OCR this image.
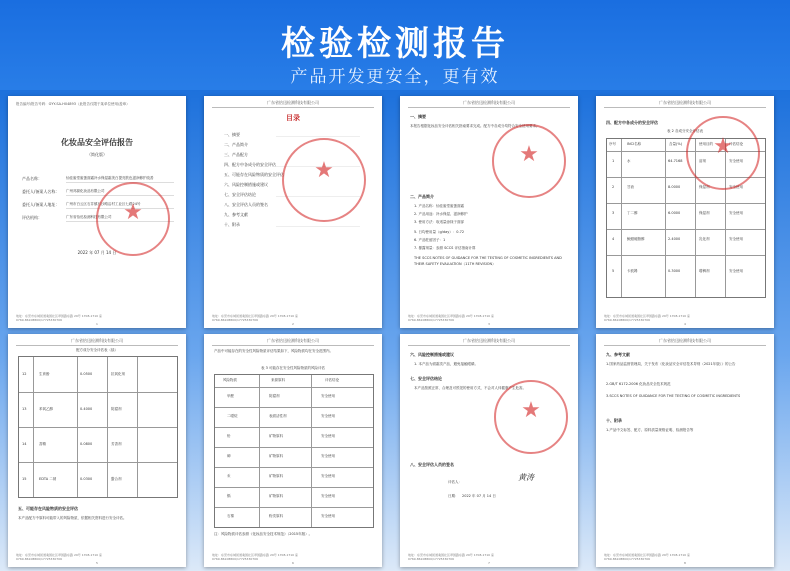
检验检测报告
产品开发更安全，更有效
报告编号/报告号码：GYY-SA-H04893（此报告仅限于某单位使用/盖章）
化妆品安全评估报告
（简化版）
产品名称：	仙佳蜜堂蜜蛋面霜补水保湿霜美白提亮肤色滋润修护改善
委托人/备案人名称： 广州邦源化妆品有限公司
委托人/备案人地址： 广州市白云区石井镇石沙路沿村工业区七路24号
评估机构：	广东省怡迅检测科技有限公司
2022 年 07 月 14 日
★
地址：东莞市东城街道桑园社区翠园路东路 29号 1708-1710 室
0769-86108800/17725330706
1
广东省怡迅检测科技有限公司
目录
一、摘要
二、产品简介
三、产品配方
四、配方中各成分的安全评估
五、可能存在风险物质的安全评估
六、风险控制措施或建议
七、安全评估结论
八、安全评估人员的签名
九、参考文献
十、附录
★
地址：东莞市东城街道桑园社区翠园路东路 29号 1708-1710 室
0769-86108800/17725330706
2
广东省怡迅检测科技有限公司
一、摘要
本报告根据化妆品安全评估相关指南要求完成。配方中各成分均符合安全使用要求。
二、产品简介
1. 产品名称：仙佳蜜堂蜜蛋面霜
2. 产品用途：补水保湿、滋润修护
3. 使用方法：取适量涂抹于面部
5. 日均使用量（g/day）：0.72
6. 产品驻留因子：1
7. 暴露剂量：参照 SCCS 评估指南计算
THE SCCS NOTES OF GUIDANCE FOR THE TESTING OF COSMETIC INGREDIENTS AND THEIR SAFETY EVALUATION（11TH REVISION）
★
地址：东莞市东城街道桑园社区翠园路东路 29号 1708-1710 室
0769-86108800/17725330706
3
广东省怡迅检测科技有限公司
四、配方中各成分的安全评估
表 2 各成分安全评估表
序号	INCI名称	含量(%)	使用目的	评估结论
1	水	64.7168	溶剂	安全使用
2	甘油	8.0000	保湿剂	安全使用
3	丁二醇	6.0000	保湿剂	安全使用
4	鲸蜡硬脂醇	2.4000	乳化剂	安全使用
5	卡波姆	0.3000	增稠剂	安全使用
★
地址：东莞市东城街道桑园社区翠园路东路 29号 1708-1710 室
0769-86108800/17725330706
4
广东省怡迅检测科技有限公司
配方成分安全评估表（续）
12	生育酚	0.0500	抗氧化剂
13	苯氧乙醇	0.4000	防腐剂
14	香精	0.0800	芳香剂
15	EDTA 二钠	0.0300	螯合剂
五、可能存在风险物质的安全评估
本产品配方中原料可能带入的风险物质，依据相关资料进行安全评估。
地址：东莞市东城街道桑园社区翠园路东路 29号 1708-1710 室
0769-86108800/17725330706
5
广东省怡迅检测科技有限公司
产品中可能存在的安全性风险物质评估结果如下，风险物质均在安全范围内。
表 3 可能存在安全性风险物质的风险评估
风险物质	来源原料	评估结论
甲醛	防腐剂	安全使用
二噁烷	表面活性剂	安全使用
铅	矿物原料	安全使用
砷	矿物原料	安全使用
汞	矿物原料	安全使用
镉	矿物原料	安全使用
石棉	粉类原料	安全使用
注：风险物质评估参照《化妆品安全技术规范》（2015年版）。
地址：东莞市东城街道桑园社区翠园路东路 29号 1708-1710 室
0769-86108800/17725330706
6
广东省怡迅检测科技有限公司
六、风险控制措施或建议
1. 本产品为面霜类产品，避免接触眼睛。
七、安全评估结论
本产品按照正常、合理及可预见的使用方式，不会对人体健康产生危害。
八、安全评估人员的签名
评估人：	黄涛
日期：　2022 年 07 月 14 日
★
地址：东莞市东城街道桑园社区翠园路东路 29号 1708-1710 室
0769-86108800/17725330706
7
广东省怡迅检测科技有限公司
九、参考文献
1.国家药品监督管理局，关于发布《化妆品安全评估技术导则（2021年版）》的公告
2.GB/T 6172-2006 化妆品安全技术规范
3.SCCS NOTES OF GUIDANCE FOR THE TESTING OF COSMETIC INGREDIENTS
十、附录
1.产品中文标签、配方、原料质量规格证明、检测报告等
地址：东莞市东城街道桑园社区翠园路东路 29号 1708-1710 室
0769-86108800/17725330706
8
